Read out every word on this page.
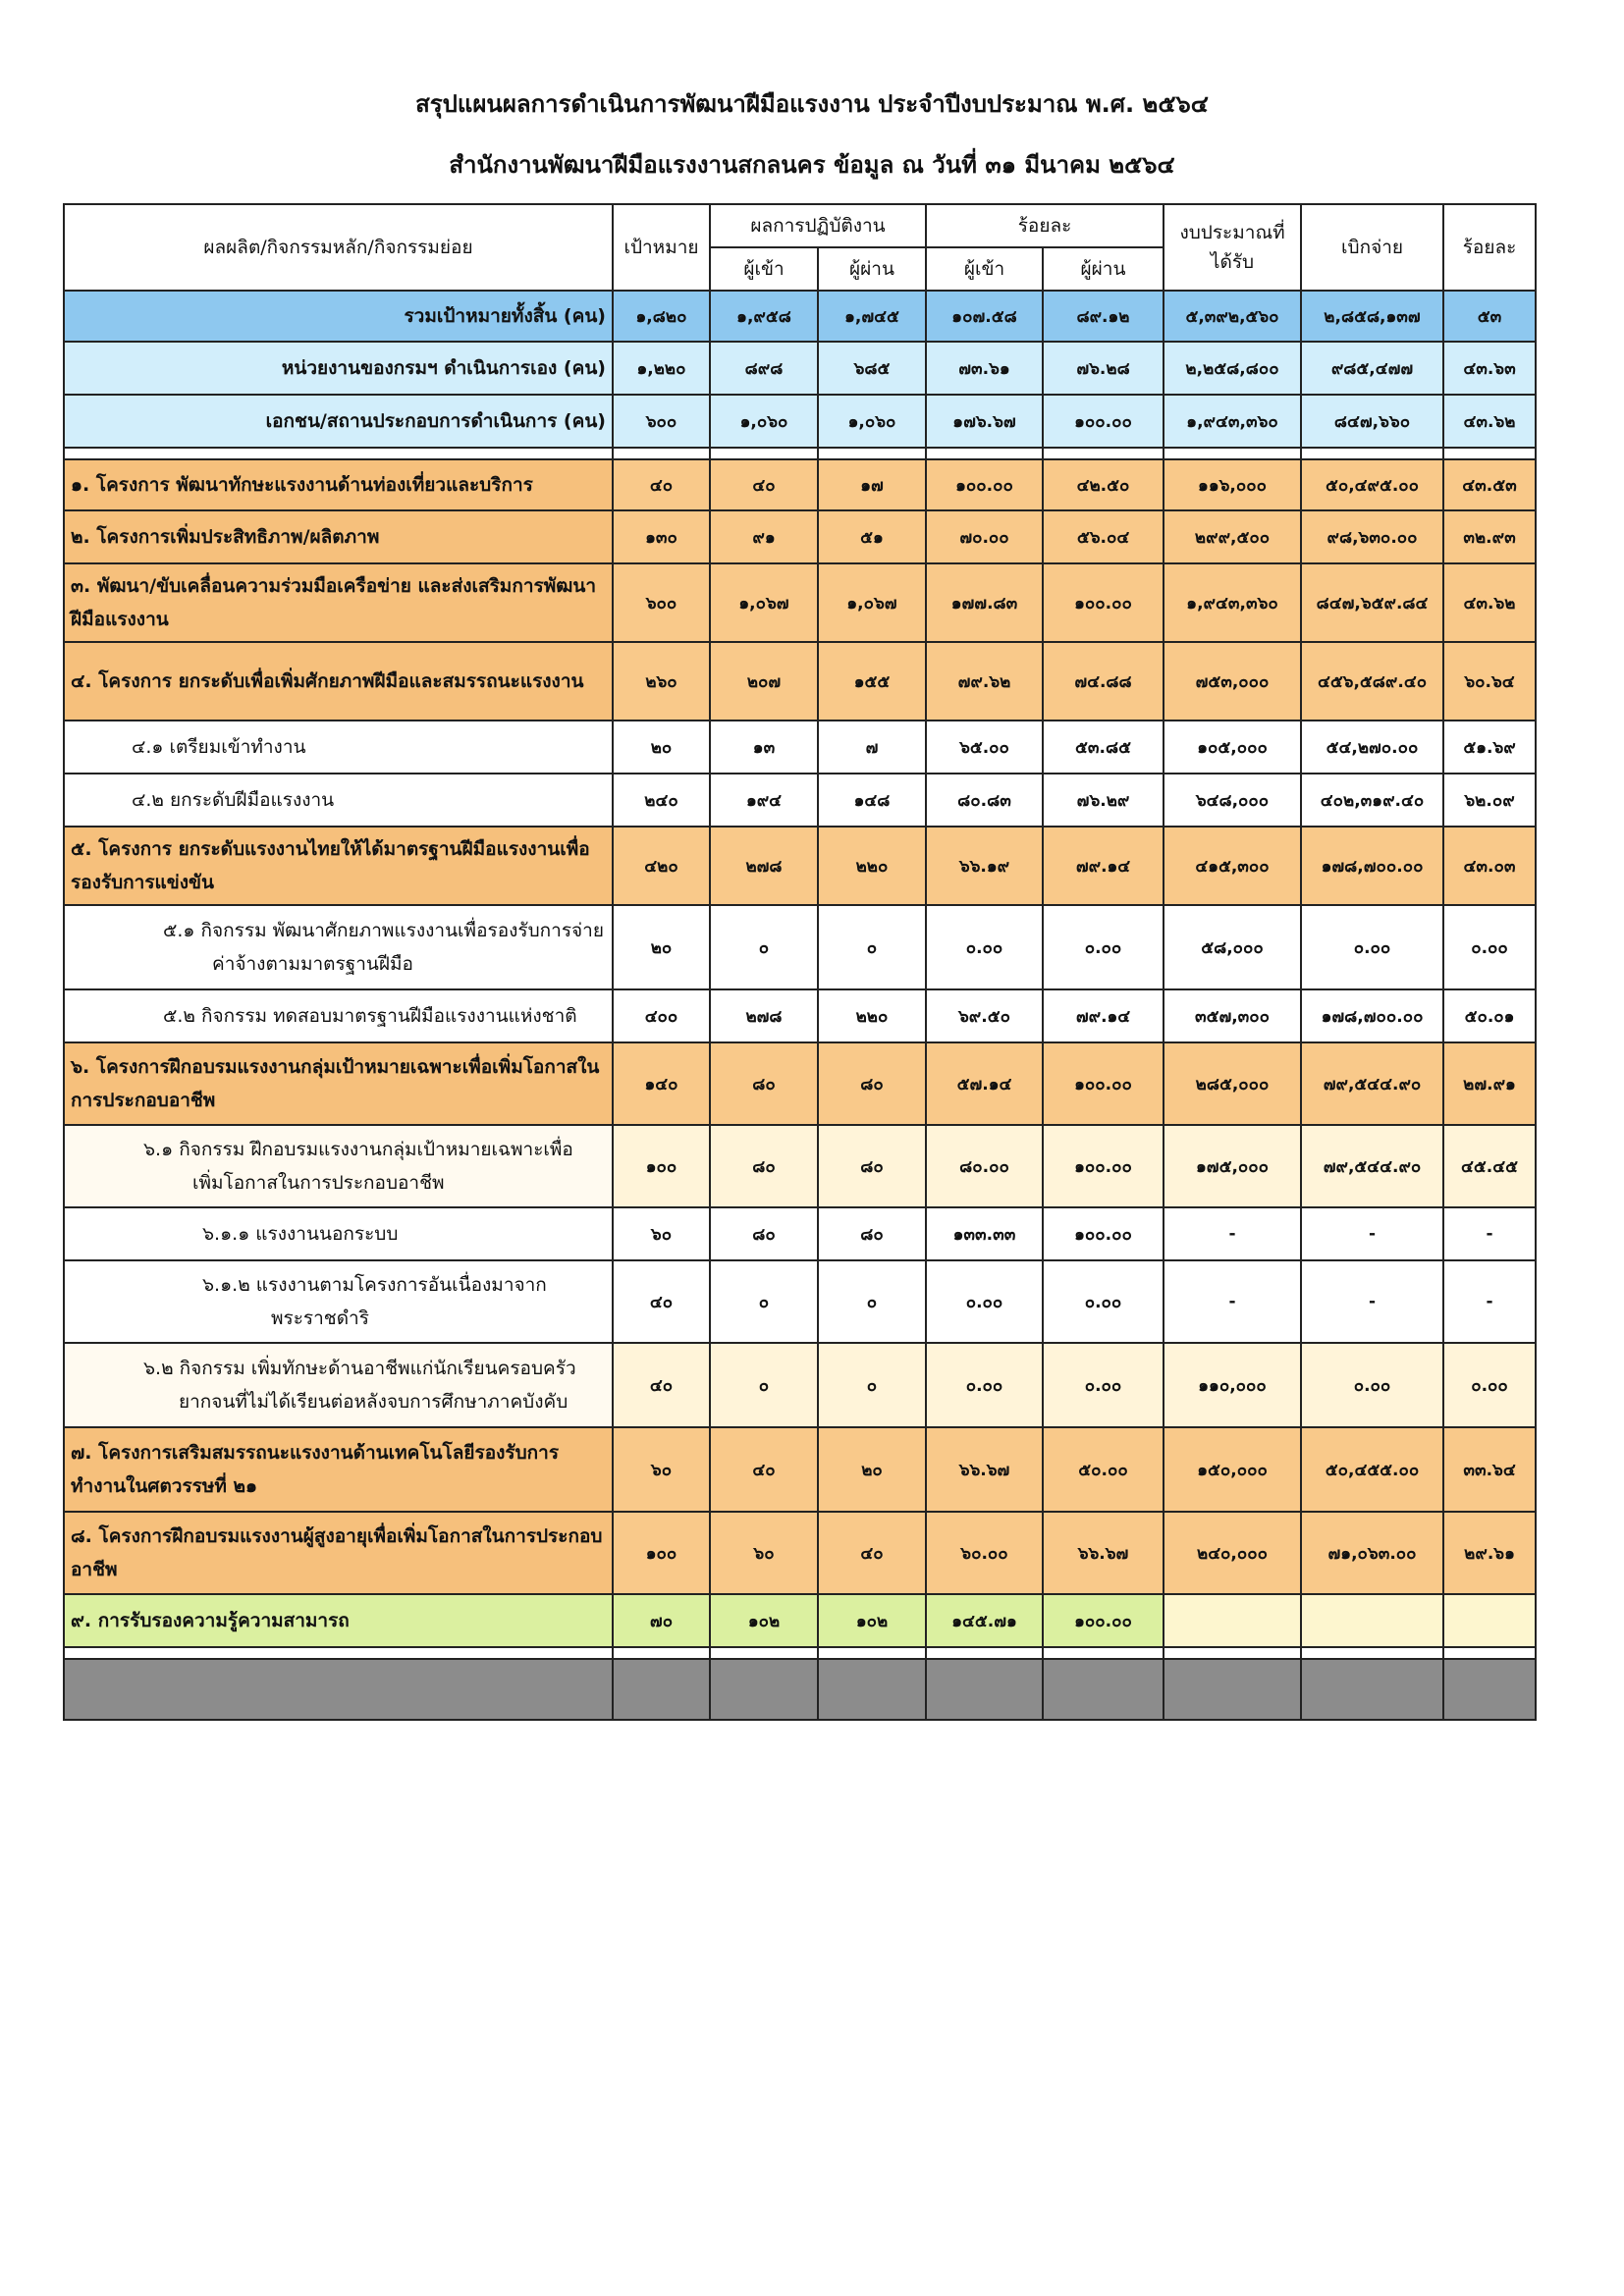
สรุปแผนผลการดำเนินการพัฒนาฝีมือแรงงาน ประจำปีงบประมาณ พ.ศ. ๒๕๖๔
สำนักงานพัฒนาฝีมือแรงงานสกลนคร ข้อมูล ณ วันที่ ๓๑ มีนาคม ๒๕๖๔
ผลผลิต/กิจกรรมหลัก/กิจกรรมย่อย	เป้าหมาย	ผลการปฏิบัติงาน		ร้อยละ		งบประมาณที่ได้รับ	เบิกจ่าย	ร้อยละ
		ผู้เข้า	ผู้ผ่าน	ผู้เข้า	ผู้ผ่าน			
รวมเป้าหมายทั้งสิ้น (คน)	๑,๘๒๐	๑,๙๕๘	๑,๗๔๕	๑๐๗.๕๘	๘๙.๑๒	๕,๓๙๒,๕๖๐	๒,๘๕๘,๑๓๗	๕๓
หน่วยงานของกรมฯ ดำเนินการเอง (คน)	๑,๒๒๐	๘๙๘	๖๘๕	๗๓.๖๑	๗๖.๒๘	๒,๒๕๘,๘๐๐	๙๘๕,๔๗๗	๔๓.๖๓
เอกชน/สถานประกอบการดำเนินการ (คน)	๖๐๐	๑,๐๖๐	๑,๐๖๐	๑๗๖.๖๗	๑๐๐.๐๐	๑,๙๔๓,๓๖๐	๘๔๗,๖๖๐	๔๓.๖๒

๑. โครงการ พัฒนาทักษะแรงงานด้านท่องเที่ยวและบริการ	๔๐	๔๐	๑๗	๑๐๐.๐๐	๔๒.๕๐	๑๑๖,๐๐๐	๕๐,๔๙๕.๐๐	๔๓.๕๓
๒. โครงการเพิ่มประสิทธิภาพ/ผลิตภาพ	๑๓๐	๙๑	๕๑	๗๐.๐๐	๕๖.๐๔	๒๙๙,๕๐๐	๙๘,๖๓๐.๐๐	๓๒.๙๓
๓. พัฒนา/ขับเคลื่อนความร่วมมือเครือข่าย และส่งเสริมการพัฒนาฝีมือแรงงาน	๖๐๐	๑,๐๖๗	๑,๐๖๗	๑๗๗.๘๓	๑๐๐.๐๐	๑,๙๔๓,๓๖๐	๘๔๗,๖๕๙.๘๔	๔๓.๖๒
๔. โครงการ ยกระดับเพื่อเพิ่มศักยภาพฝีมือและสมรรถนะแรงงาน	๒๖๐	๒๐๗	๑๕๕	๗๙.๖๒	๗๔.๘๘	๗๕๓,๐๐๐	๔๕๖,๕๘๙.๔๐	๖๐.๖๔
๔.๑ เตรียมเข้าทำงาน	๒๐	๑๓	๗	๖๕.๐๐	๕๓.๘๕	๑๐๕,๐๐๐	๕๔,๒๗๐.๐๐	๕๑.๖๙
๔.๒ ยกระดับฝีมือแรงงาน	๒๔๐	๑๙๔	๑๔๘	๘๐.๘๓	๗๖.๒๙	๖๔๘,๐๐๐	๔๐๒,๓๑๙.๔๐	๖๒.๐๙
๕. โครงการ ยกระดับแรงงานไทยให้ได้มาตรฐานฝีมือแรงงานเพื่อรองรับการแข่งขัน	๔๒๐	๒๗๘	๒๒๐	๖๖.๑๙	๗๙.๑๔	๔๑๕,๓๐๐	๑๗๘,๗๐๐.๐๐	๔๓.๐๓
๕.๑ กิจกรรม พัฒนาศักยภาพแรงงานเพื่อรองรับการจ่าย
ค่าจ้างตามมาตรฐานฝีมือ	๒๐	๐	๐	๐.๐๐	๐.๐๐	๕๘,๐๐๐	๐.๐๐	๐.๐๐
๕.๒ กิจกรรม ทดสอบมาตรฐานฝีมือแรงงานแห่งชาติ	๔๐๐	๒๗๘	๒๒๐	๖๙.๕๐	๗๙.๑๔	๓๕๗,๓๐๐	๑๗๘,๗๐๐.๐๐	๕๐.๐๑
๖. โครงการฝึกอบรมแรงงานกลุ่มเป้าหมายเฉพาะเพื่อเพิ่มโอกาสในการประกอบอาชีพ	๑๔๐	๘๐	๘๐	๕๗.๑๔	๑๐๐.๐๐	๒๘๕,๐๐๐	๗๙,๕๔๔.๙๐	๒๗.๙๑
๖.๑ กิจกรรม ฝึกอบรมแรงงานกลุ่มเป้าหมายเฉพาะเพื่อ
เพิ่มโอกาสในการประกอบอาชีพ	๑๐๐	๘๐	๘๐	๘๐.๐๐	๑๐๐.๐๐	๑๗๕,๐๐๐	๗๙,๕๔๔.๙๐	๔๕.๔๕
๖.๑.๑ แรงงานนอกระบบ	๖๐	๘๐	๘๐	๑๓๓.๓๓	๑๐๐.๐๐	-	-	-
๖.๑.๒ แรงงานตามโครงการอันเนื่องมาจาก
พระราชดำริ	๔๐	๐	๐	๐.๐๐	๐.๐๐	-	-	-
๖.๒ กิจกรรม เพิ่มทักษะด้านอาชีพแก่นักเรียนครอบครัว
ยากจนที่ไม่ได้เรียนต่อหลังจบการศึกษาภาคบังคับ	๔๐	๐	๐	๐.๐๐	๐.๐๐	๑๑๐,๐๐๐	๐.๐๐	๐.๐๐
๗. โครงการเสริมสมรรถนะแรงงานด้านเทคโนโลยีรองรับการทำงานในศตวรรษที่ ๒๑	๖๐	๔๐	๒๐	๖๖.๖๗	๕๐.๐๐	๑๕๐,๐๐๐	๕๐,๔๕๕.๐๐	๓๓.๖๔
๘. โครงการฝึกอบรมแรงงานผู้สูงอายุเพื่อเพิ่มโอกาสในการประกอบอาชีพ	๑๐๐	๖๐	๔๐	๖๐.๐๐	๖๖.๖๗	๒๔๐,๐๐๐	๗๑,๐๖๓.๐๐	๒๙.๖๑
๙. การรับรองความรู้ความสามารถ	๗๐	๑๐๒	๑๐๒	๑๔๕.๗๑	๑๐๐.๐๐			
